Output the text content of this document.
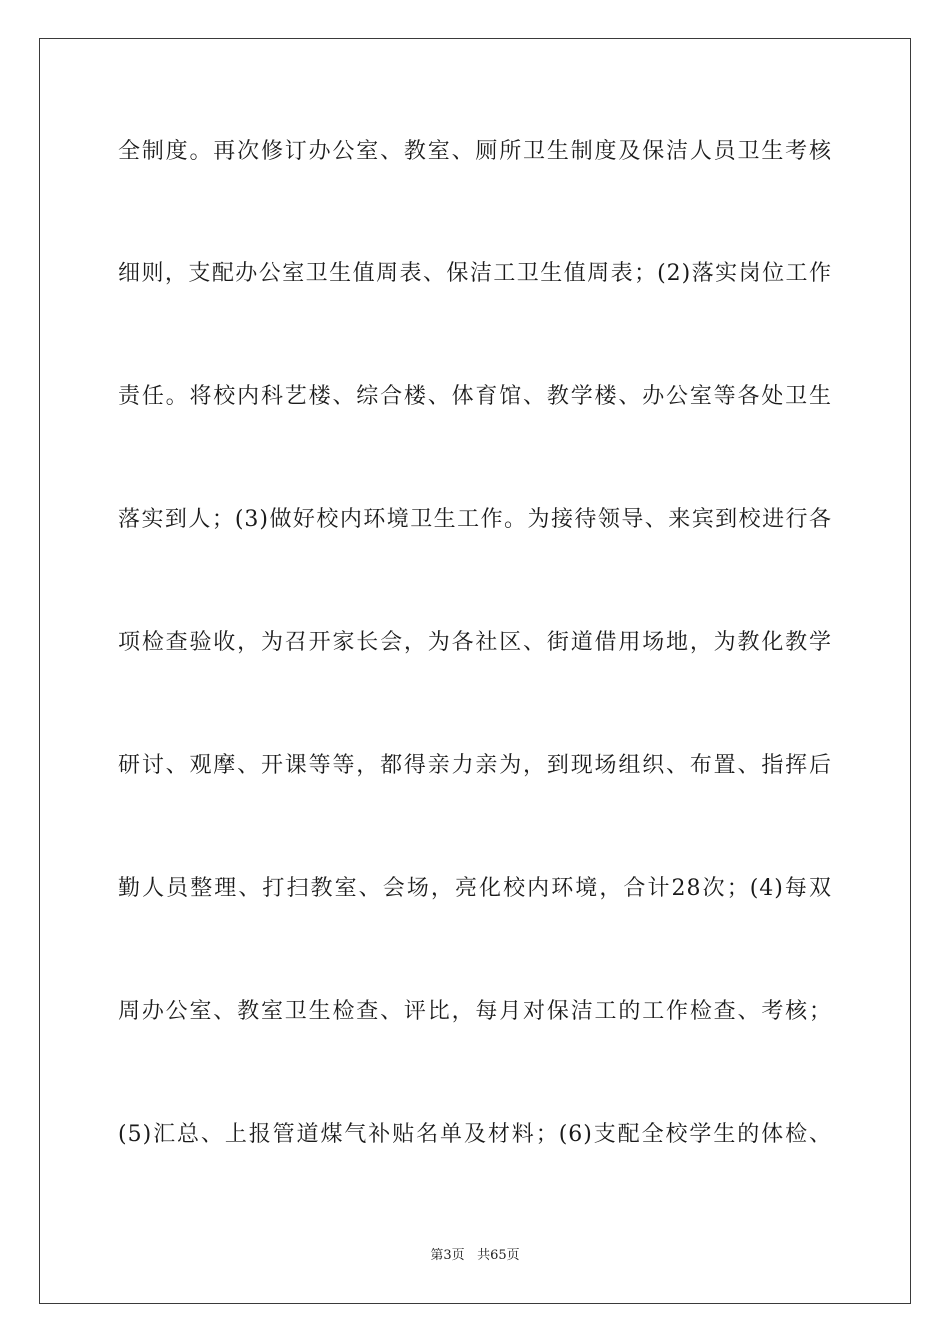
全制度。再次修订办公室、教室、厕所卫生制度及保洁人员卫生考核
细则，支配办公室卫生值周表、保洁工卫生值周表；(2)落实岗位工作
责任。将校内科艺楼、综合楼、体育馆、教学楼、办公室等各处卫生
落实到人；(3)做好校内环境卫生工作。为接待领导、来宾到校进行各
项检查验收，为召开家长会，为各社区、街道借用场地，为教化教学
研讨、观摩、开课等等，都得亲力亲为，到现场组织、布置、指挥后
勤人员整理、打扫教室、会场，亮化校内环境，合计28次；(4)每双
周办公室、教室卫生检查、评比，每月对保洁工的工作检查、考核；
(5)汇总、上报管道煤气补贴名单及材料；(6)支配全校学生的体检、
第3页 共65页
